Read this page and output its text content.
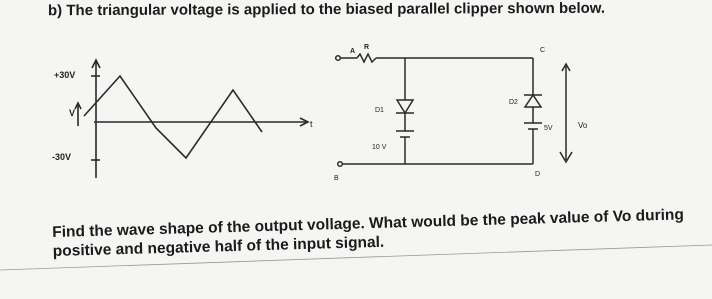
b) The triangular voltage is applied to the biased parallel clipper shown below.
+30V
-30V
V
t
A
R	C
B
D
D1
D2
10 V
5V	Vo
Find the wave shape of the output vollage. What would be the peak value of Vo during
positive and negative half of the input signal.
